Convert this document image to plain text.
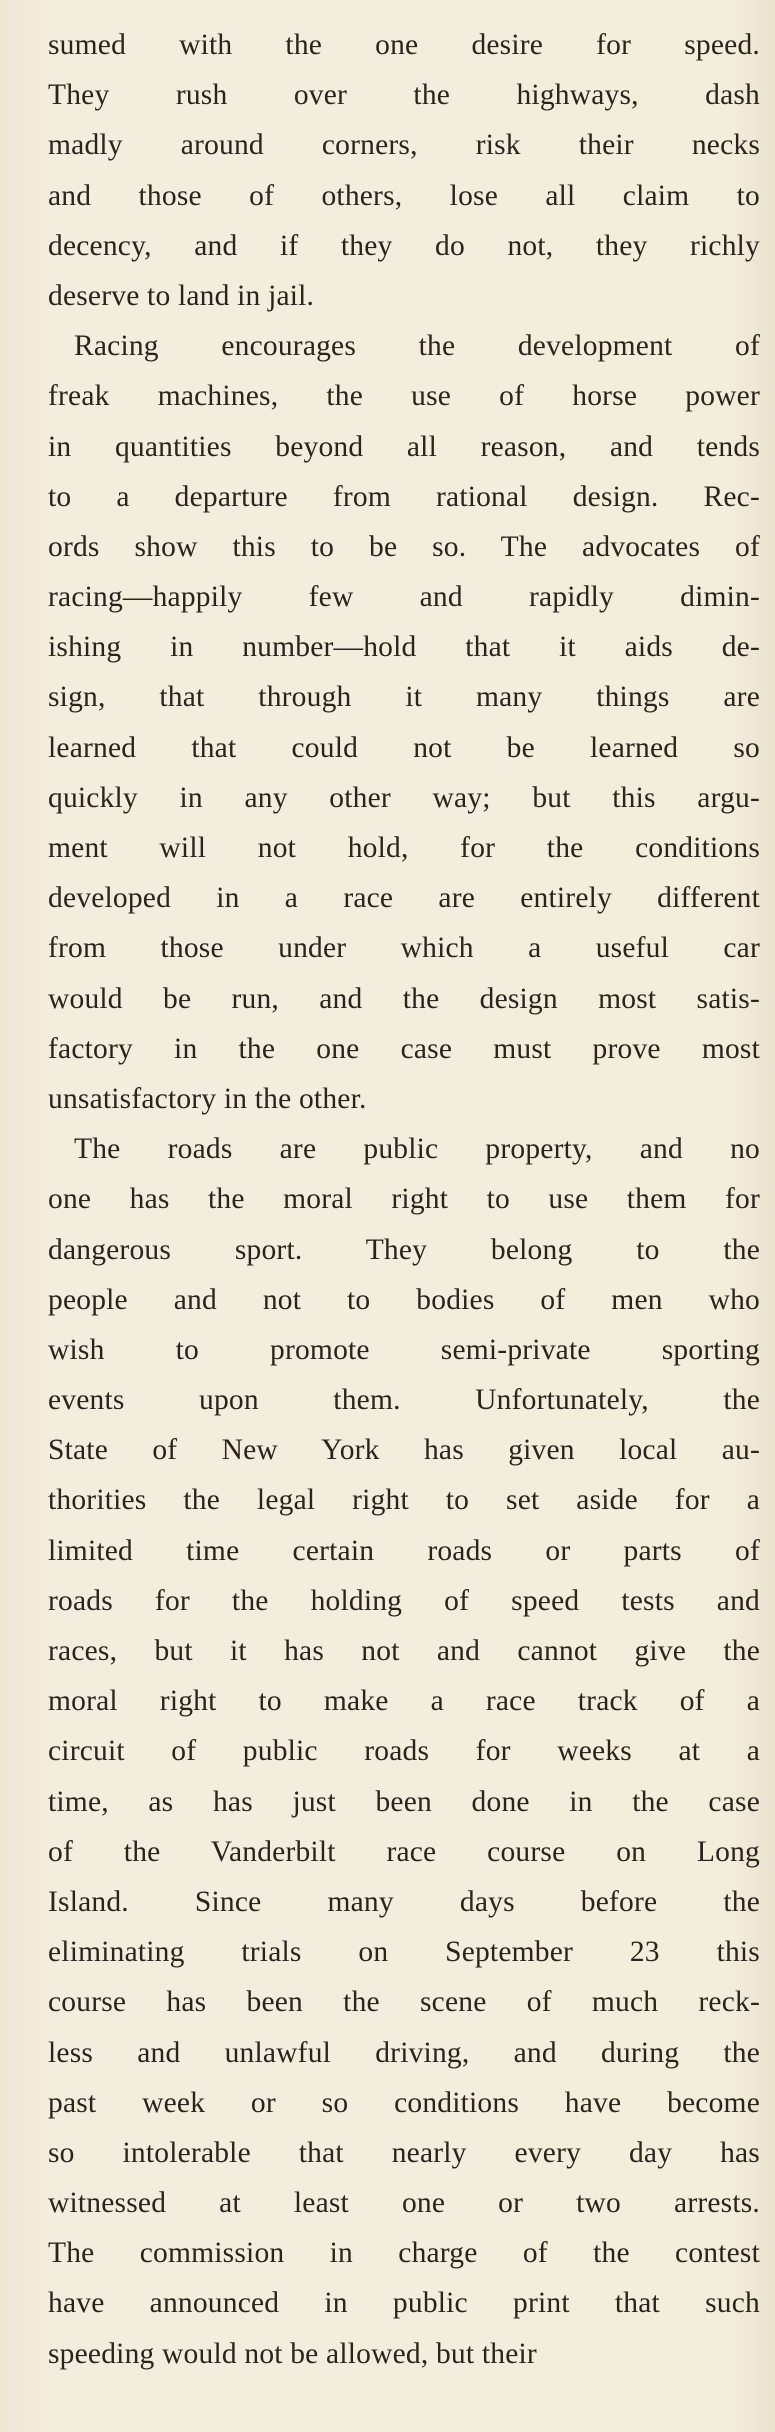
sumed with the one desire for speed.
They rush over the highways, dash
madly around corners, risk their necks
and those of others, lose all claim to
decency, and if they do not, they richly
deserve to land in jail.
Racing encourages the development of
freak machines, the use of horse power
in quantities beyond all reason, and tends
to a departure from rational design. Rec-
ords show this to be so. The advocates of
racing—happily few and rapidly dimin-
ishing in number—hold that it aids de-
sign, that through it many things are
learned that could not be learned so
quickly in any other way; but this argu-
ment will not hold, for the conditions
developed in a race are entirely different
from those under which a useful car
would be run, and the design most satis-
factory in the one case must prove most
unsatisfactory in the other.
The roads are public property, and no
one has the moral right to use them for
dangerous sport. They belong to the
people and not to bodies of men who
wish to promote semi-private sporting
events upon them. Unfortunately, the
State of New York has given local au-
thorities the legal right to set aside for a
limited time certain roads or parts of
roads for the holding of speed tests and
races, but it has not and cannot give the
moral right to make a race track of a
circuit of public roads for weeks at a
time, as has just been done in the case
of the Vanderbilt race course on Long
Island. Since many days before the
eliminating trials on September 23 this
course has been the scene of much reck-
less and unlawful driving, and during the
past week or so conditions have become
so intolerable that nearly every day has
witnessed at least one or two arrests.
The commission in charge of the contest
have announced in public print that such
speeding would not be allowed, but their
